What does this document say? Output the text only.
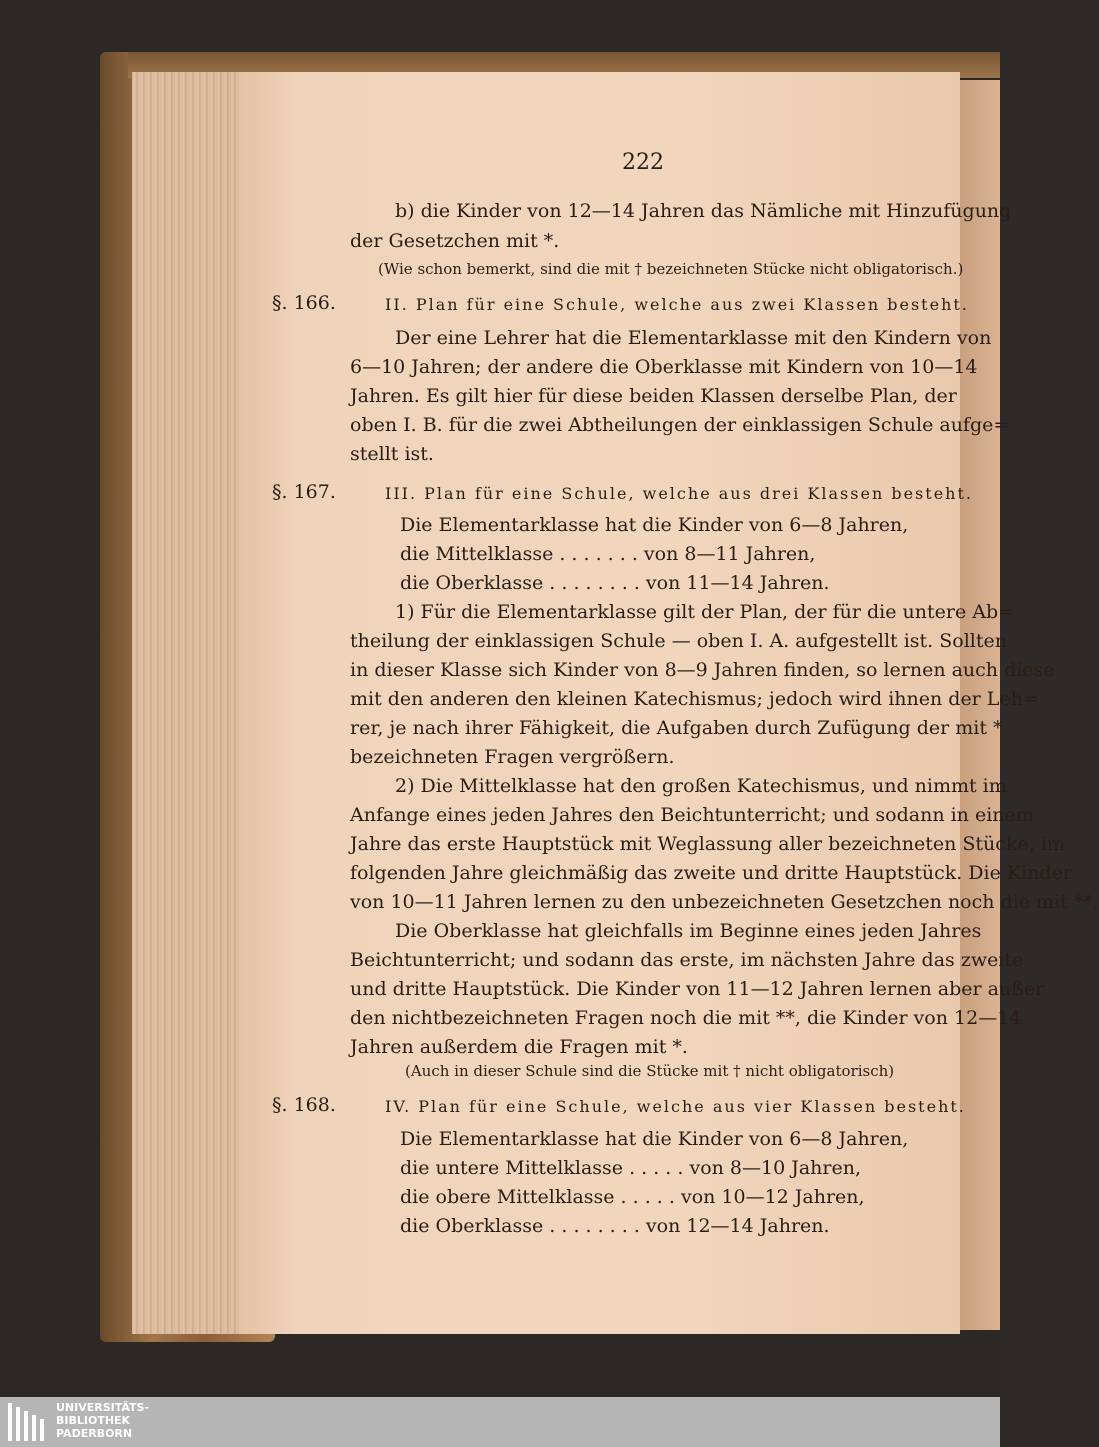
222
b) die Kinder von 12—14 Jahren das Nämliche mit Hinzufügung
der Gesetzchen mit *.
(Wie schon bemerkt, sind die mit † bezeichneten Stücke nicht obligatorisch.)
§. 166.	II. Plan für eine Schule, welche aus zwei Klassen besteht.
Der eine Lehrer hat die Elementarklasse mit den Kindern von
6—10 Jahren; der andere die Oberklasse mit Kindern von 10—14
Jahren. Es gilt hier für diese beiden Klassen derselbe Plan, der
oben I. B. für die zwei Abtheilungen der einklassigen Schule aufge=
stellt ist.
§. 167.	III. Plan für eine Schule, welche aus drei Klassen besteht.
Die Elementarklasse hat die Kinder von 6—8 Jahren,
die Mittelklasse . . . . . . . von 8—11 Jahren,
die Oberklasse . . . . . . . . von 11—14 Jahren.
1) Für die Elementarklasse gilt der Plan, der für die untere Ab=
theilung der einklassigen Schule — oben I. A. aufgestellt ist. Sollten
in dieser Klasse sich Kinder von 8—9 Jahren finden, so lernen auch diese
mit den anderen den kleinen Katechismus; jedoch wird ihnen der Leh=
rer, je nach ihrer Fähigkeit, die Aufgaben durch Zufügung der mit *
bezeichneten Fragen vergrößern.
2) Die Mittelklasse hat den großen Katechismus, und nimmt im
Anfange eines jeden Jahres den Beichtunterricht; und sodann in einem
Jahre das erste Hauptstück mit Weglassung aller bezeichneten Stücke, im
folgenden Jahre gleichmäßig das zweite und dritte Hauptstück. Die Kinder
von 10—11 Jahren lernen zu den unbezeichneten Gesetzchen noch die mit **.
Die Oberklasse hat gleichfalls im Beginne eines jeden Jahres
Beichtunterricht; und sodann das erste, im nächsten Jahre das zweite
und dritte Hauptstück. Die Kinder von 11—12 Jahren lernen aber außer
den nichtbezeichneten Fragen noch die mit **, die Kinder von 12—14
Jahren außerdem die Fragen mit *.
(Auch in dieser Schule sind die Stücke mit † nicht obligatorisch)
§. 168.	IV. Plan für eine Schule, welche aus vier Klassen besteht.
Die Elementarklasse hat die Kinder von 6—8 Jahren,
die untere Mittelklasse . . . . . von 8—10 Jahren,
die obere Mittelklasse . . . . . von 10—12 Jahren,
die Oberklasse . . . . . . . . von 12—14 Jahren.
UNIVERSITÄTS-
BIBLIOTHEK
PADERBORN
